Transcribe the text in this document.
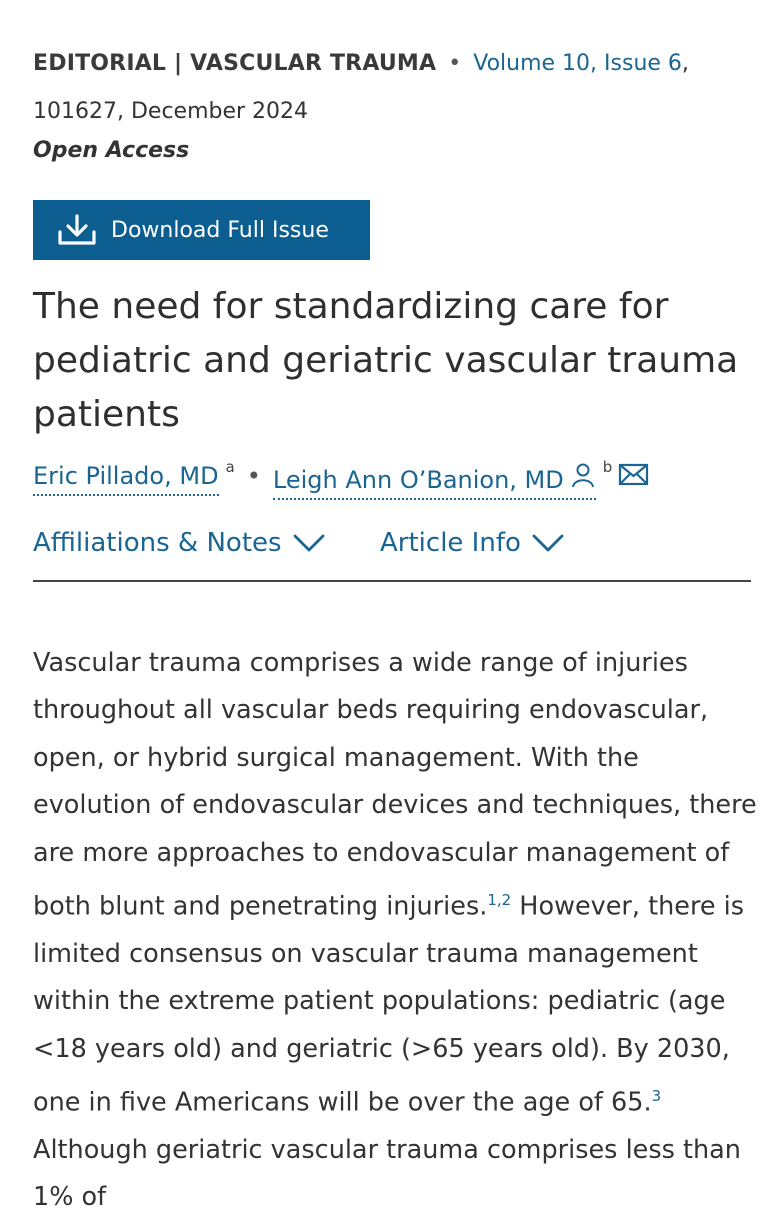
EDITORIAL | VASCULAR TRAUMA • Volume 10, Issue 6, 101627, December 2024
Open Access
Download Full Issue
The need for standardizing care for pediatric and geriatric vascular trauma patients
Eric Pillado, MD $^a$ • Leigh Ann O’Banion, MD	$^b$
Affiliations & Notes	Article Info

Vascular trauma comprises a wide range of injuries throughout all vascular beds requiring endovascular, open, or hybrid surgical management. With the evolution of endovascular devices and techniques, there are more approaches to endovascular management of both blunt and penetrating injuries.$^{1,2}$ However, there is limited consensus on vascular trauma management within the extreme patient populations: pediatric (age <18 years old) and geriatric (>65 years old). By 2030, one in five Americans will be over the age of 65.$^3$ Although geriatric vascular trauma comprises less than 1% of
